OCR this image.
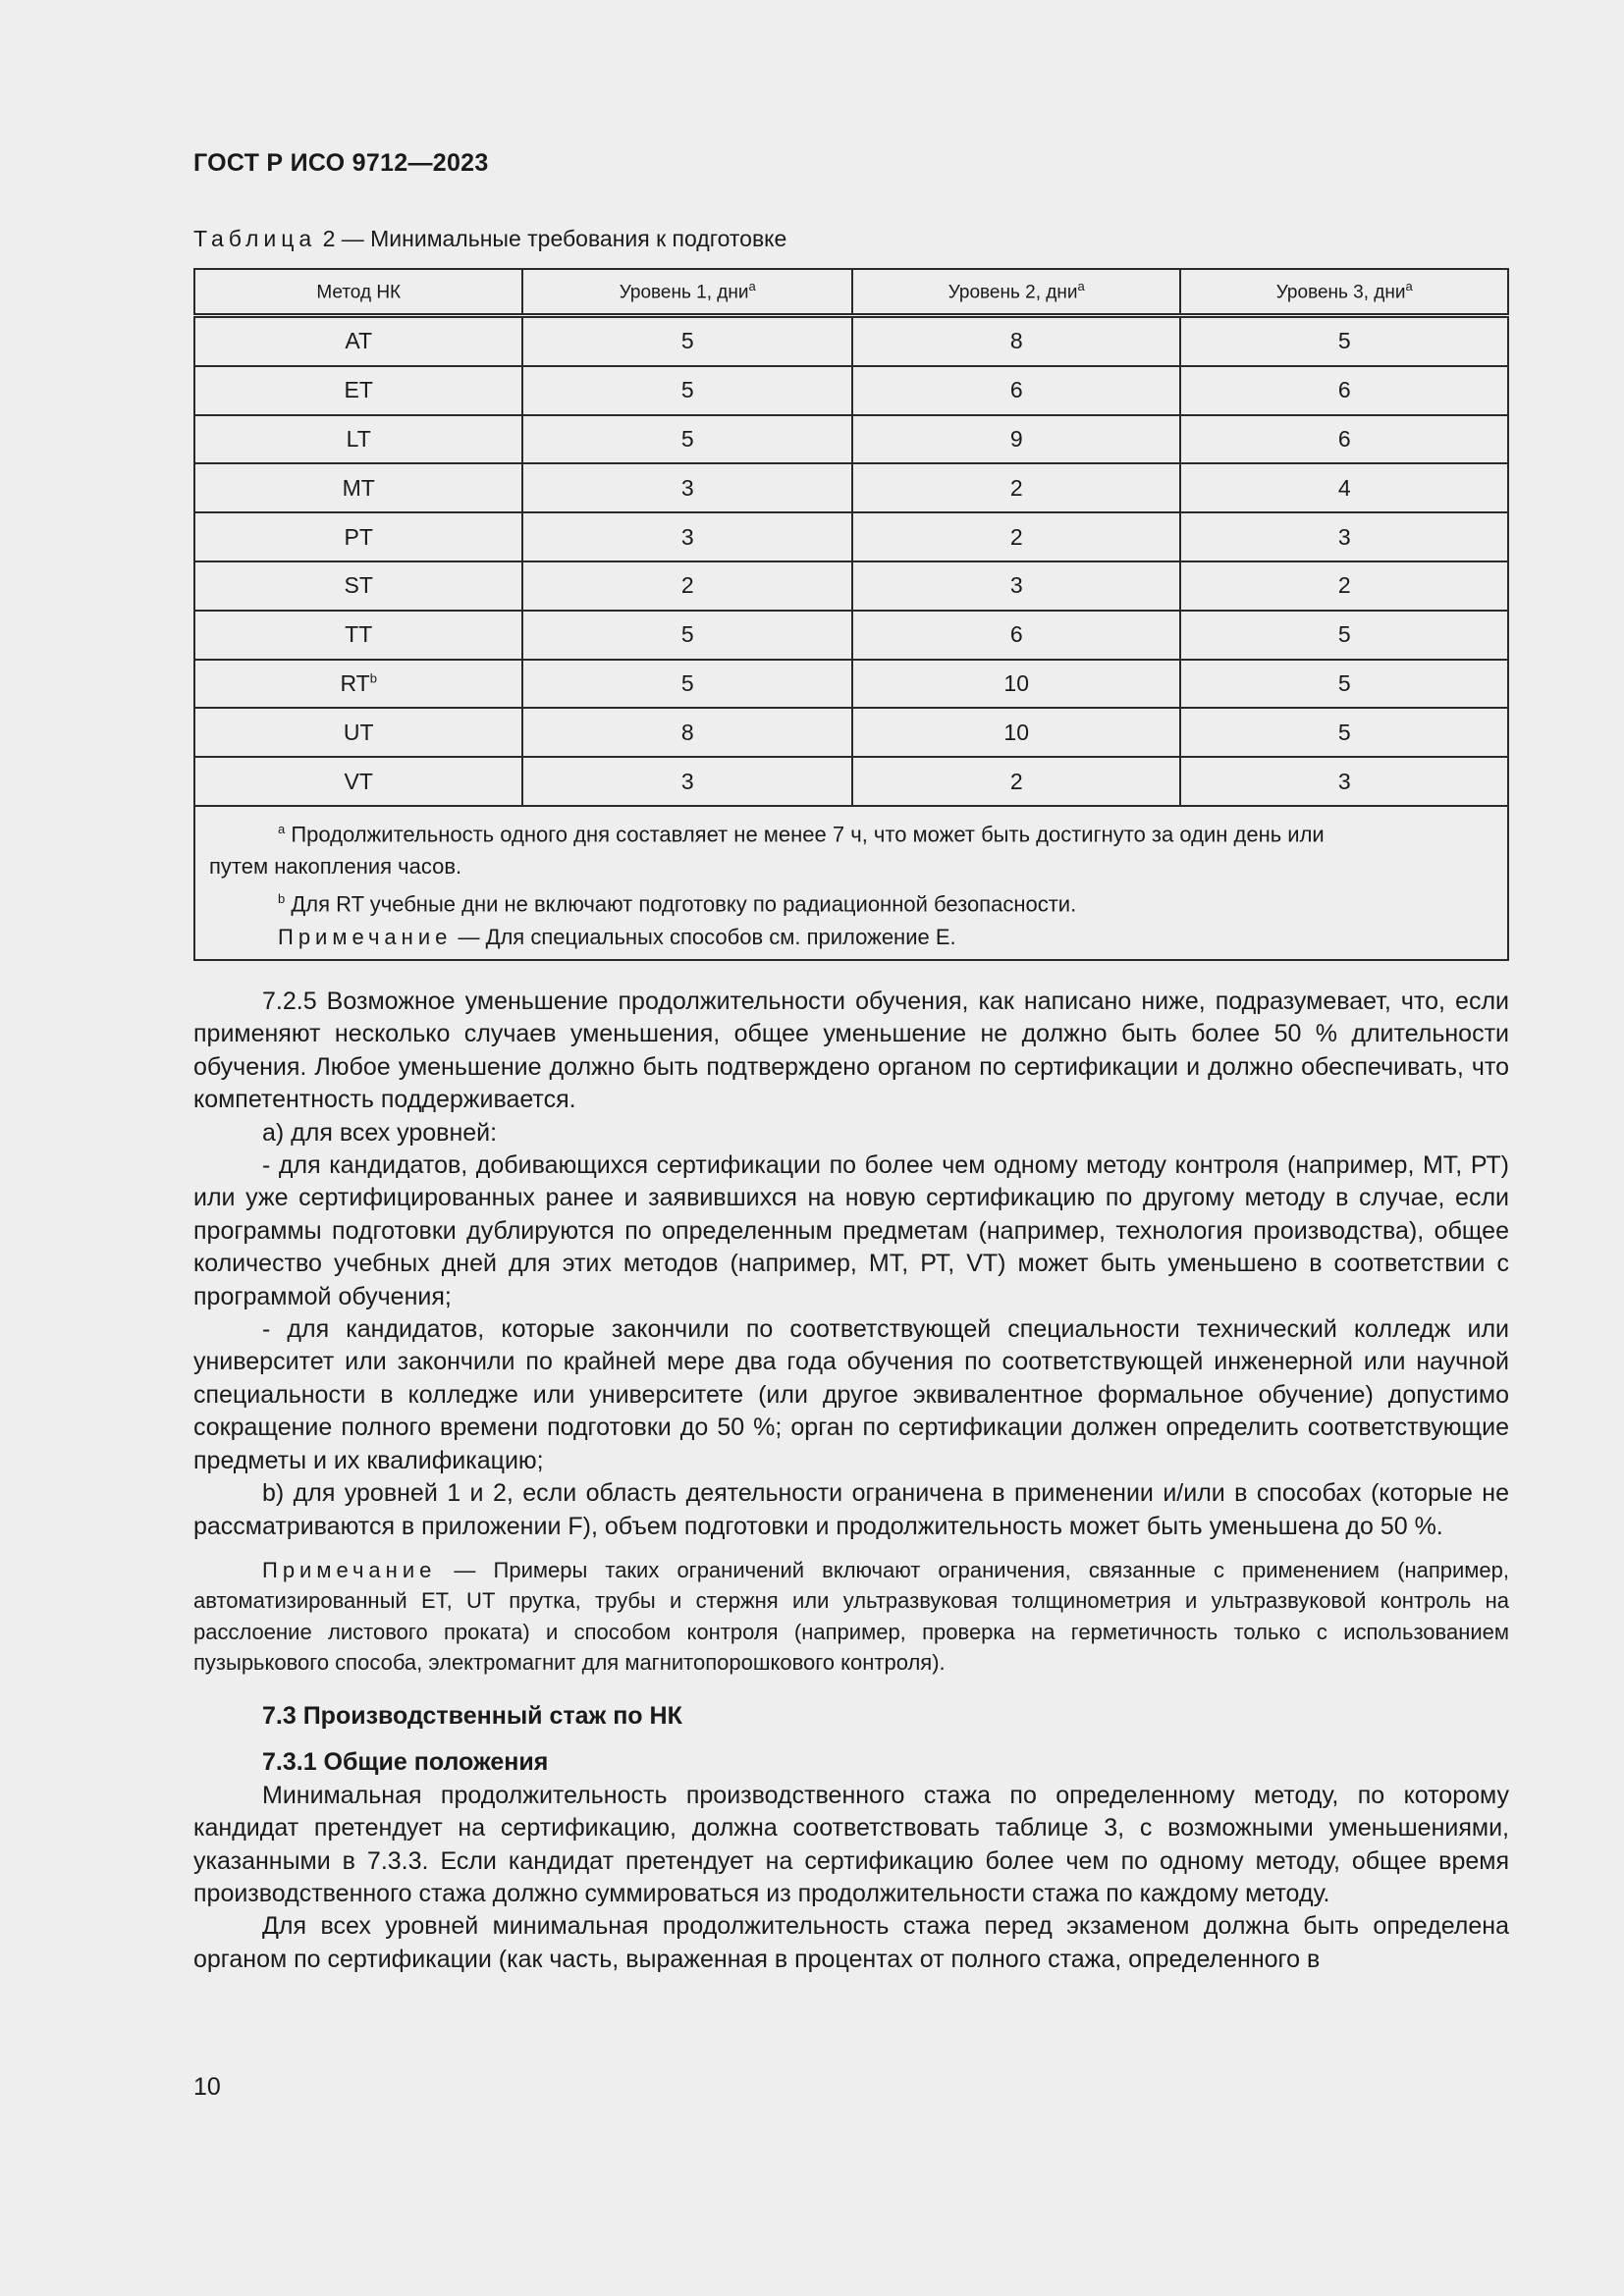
ГОСТ Р ИСО 9712—2023
Таблица 2 — Минимальные требования к подготовке
Метод НК	Уровень 1, дни$^a$	Уровень 2, дни$^a$	Уровень 3, дни$^a$
AT	5	8	5
ET	5	6	6
LT	5	9	6
MT	3	2	4
PT	3	2	3
ST	2	3	2
TT	5	6	5
$RT^b$	5	10	5
UT	8	10	5
VT	3	2	3

$^a$ Продолжительность одного дня составляет не менее 7 ч, что может быть достигнуто за один день или
путем накопления часов.
$^b$ Для RT учебные дни не включают подготовку по радиационной безопасности.
Примечание — Для специальных способов см. приложение Е.			

7.2.5 Возможное уменьшение продолжительности обучения, как написано ниже, подразумевает, что, если применяют несколько случаев уменьшения, общее уменьшение не должно быть более 50 % длительности обучения. Любое уменьшение должно быть подтверждено органом по сертификации и должно обеспечивать, что компетентность поддерживается.

а) для всех уровней:

- для кандидатов, добивающихся сертификации по более чем одному методу контроля (например, МТ, РТ) или уже сертифицированных ранее и заявившихся на новую сертификацию по другому методу в случае, если программы подготовки дублируются по определенным предметам (например, технология производства), общее количество учебных дней для этих методов (например, МТ, РТ, VT) может быть уменьшено в соответствии с программой обучения;

- для кандидатов, которые закончили по соответствующей специальности технический колледж или университет или закончили по крайней мере два года обучения по соответствующей инженерной или научной специальности в колледже или университете (или другое эквивалентное формальное обучение) допустимо сокращение полного времени подготовки до 50 %; орган по сертификации должен определить соответствующие предметы и их квалификацию;

b) для уровней 1 и 2, если область деятельности ограничена в применении и/или в способах (которые не рассматриваются в приложении F), объем подготовки и продолжительность может быть уменьшена до 50 %.

Примечание — Примеры таких ограничений включают ограничения, связанные с применением (например, автоматизированный ET, UT прутка, трубы и стержня или ультразвуковая толщинометрия и ультразвуковой контроль на расслоение листового проката) и способом контроля (например, проверка на герметичность только с использованием пузырькового способа, электромагнит для магнитопорошкового контроля).

7.3 Производственный стаж по НК

7.3.1 Общие положения

Минимальная продолжительность производственного стажа по определенному методу, по которому кандидат претендует на сертификацию, должна соответствовать таблице 3, с возможными уменьшениями, указанными в 7.3.3. Если кандидат претендует на сертификацию более чем по одному методу, общее время производственного стажа должно суммироваться из продолжительности стажа по каждому методу.

Для всех уровней минимальная продолжительность стажа перед экзаменом должна быть определена органом по сертификации (как часть, выраженная в процентах от полного стажа, определенного в

10
